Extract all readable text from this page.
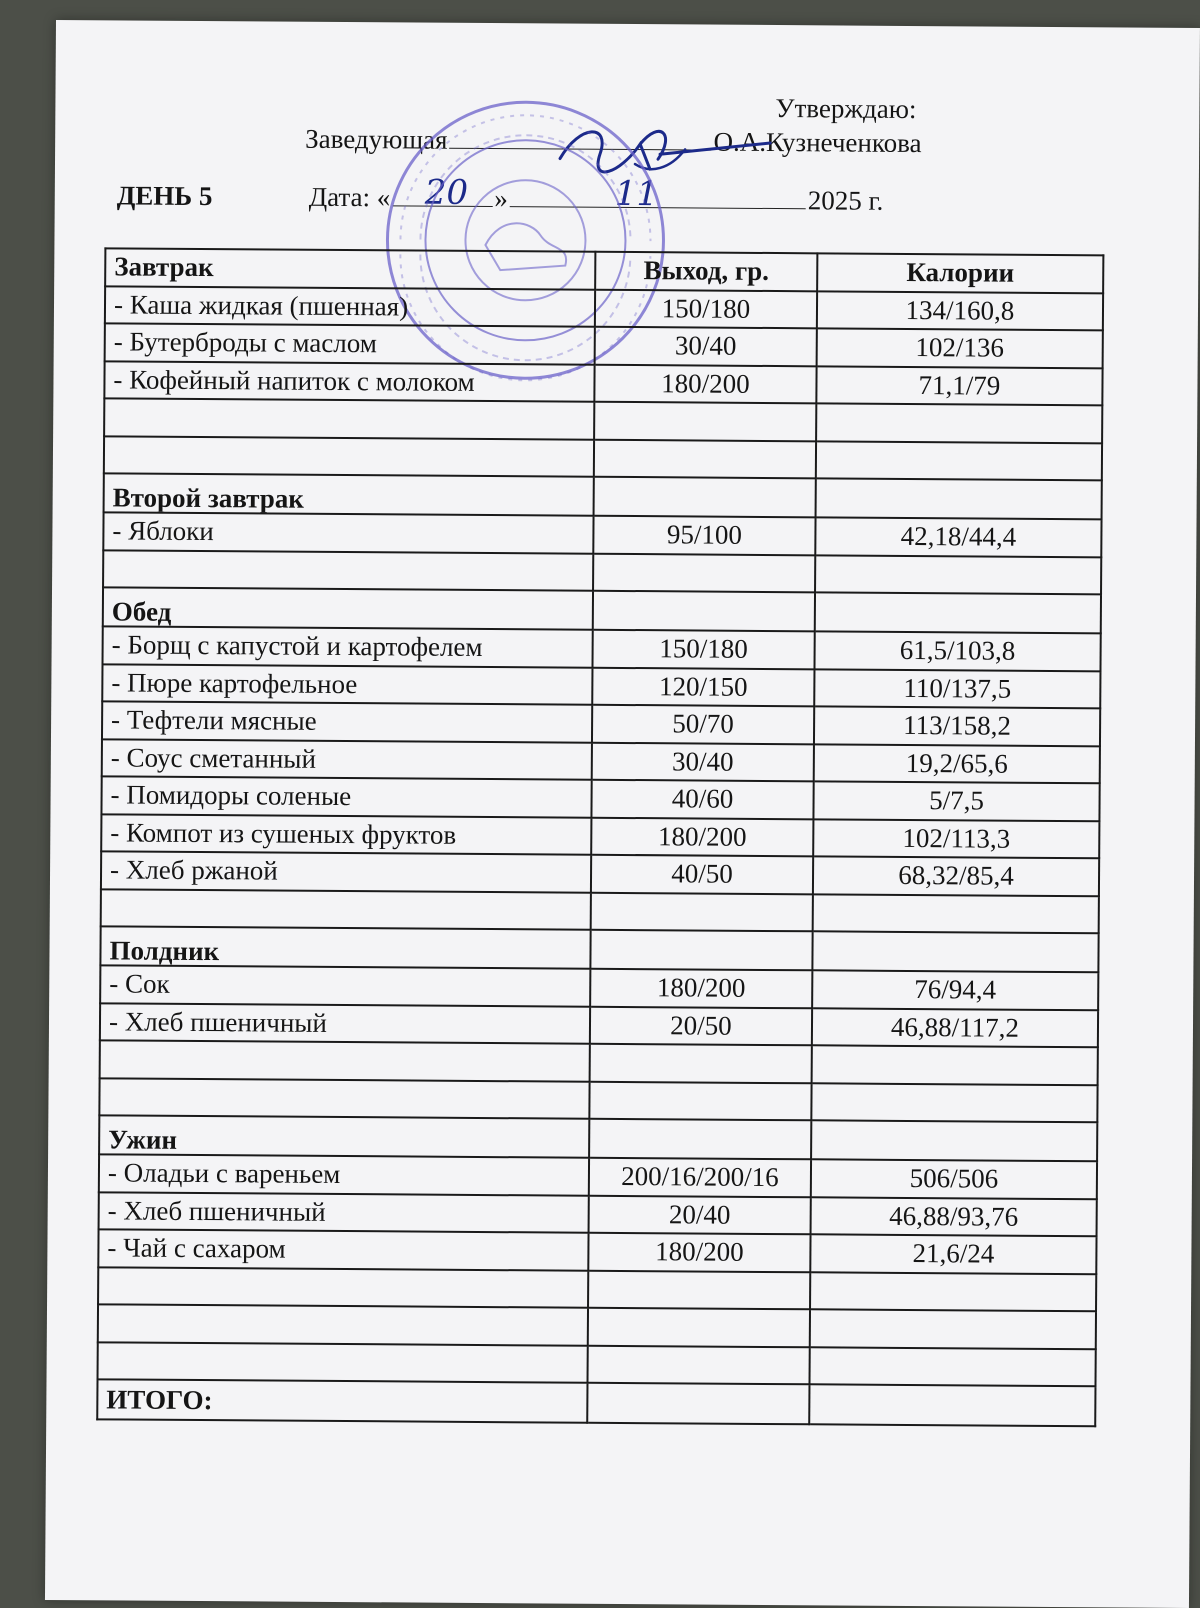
Утверждаю:
Заведующая	О.А.Кузнеченкова
ДЕНЬ 5	Дата: «	»	2025 г.
20	11
Завтрак	Выход, гр.	Калории
- Каша жидкая (пшенная)	150/180	134/160,8
- Бутерброды с маслом	30/40	102/136
- Кофейный напиток с молоком	180/200	71,1/79

Второй завтрак		
- Яблоки	95/100	42,18/44,4

Обед		
- Борщ с капустой и картофелем	150/180	61,5/103,8
- Пюре картофельное	120/150	110/137,5
- Тефтели мясные	50/70	113/158,2
- Соус сметанный	30/40	19,2/65,6
- Помидоры соленые	40/60	5/7,5
- Компот из сушеных фруктов	180/200	102/113,3
- Хлеб ржаной	40/50	68,32/85,4

Полдник		
- Сок	180/200	76/94,4
- Хлеб пшеничный	20/50	46,88/117,2

Ужин		
- Оладьи с вареньем	200/16/200/16	506/506
- Хлеб пшеничный	20/40	46,88/93,76
- Чай с сахаром	180/200	21,6/24

ИТОГО:		
